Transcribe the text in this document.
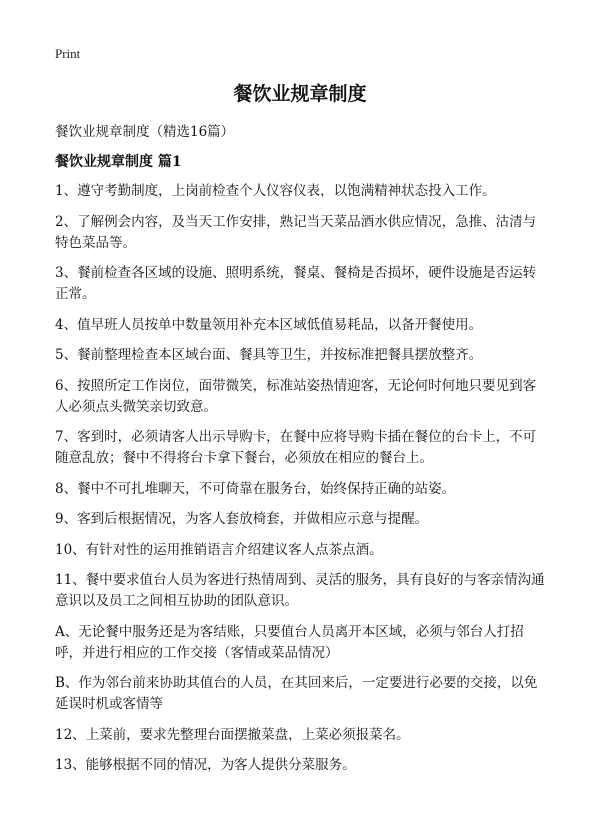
Print
餐饮业规章制度
餐饮业规章制度（精选16篇）
餐饮业规章制度 篇1

1、遵守考勤制度，上岗前检查个人仪容仪表，以饱满精神状态投入工作。

2、了解例会内容，及当天工作安排，熟记当天菜品酒水供应情况，急推、沽清与特色菜品等。

3、餐前检查各区域的设施、照明系统，餐桌、餐椅是否损坏，硬件设施是否运转正常。

4、值早班人员按单中数量领用补充本区域低值易耗品，以备开餐使用。

5、餐前整理检查本区域台面、餐具等卫生，并按标准把餐具摆放整齐。

6、按照所定工作岗位，面带微笑，标准站姿热情迎客，无论何时何地只要见到客人必须点头微笑亲切致意。

7、客到时，必须请客人出示导购卡，在餐中应将导购卡插在餐位的台卡上，不可随意乱放；餐中不得将台卡拿下餐台，必须放在相应的餐台上。

8、餐中不可扎堆聊天，不可倚靠在服务台，始终保持正确的站姿。

9、客到后根据情况，为客人套放椅套，并做相应示意与提醒。

10、有针对性的运用推销语言介绍建议客人点茶点酒。

11、餐中要求值台人员为客进行热情周到、灵活的服务，具有良好的与客亲情沟通意识以及员工之间相互协助的团队意识。

A、无论餐中服务还是为客结账，只要值台人员离开本区域，必须与邻台人打招呼，并进行相应的工作交接（客情或菜品情况）

B、作为邻台前来协助其值台的人员，在其回来后，一定要进行必要的交接，以免延误时机或客情等

12、上菜前，要求先整理台面摆撤菜盘，上菜必须报菜名。

13、能够根据不同的情况，为客人提供分菜服务。
